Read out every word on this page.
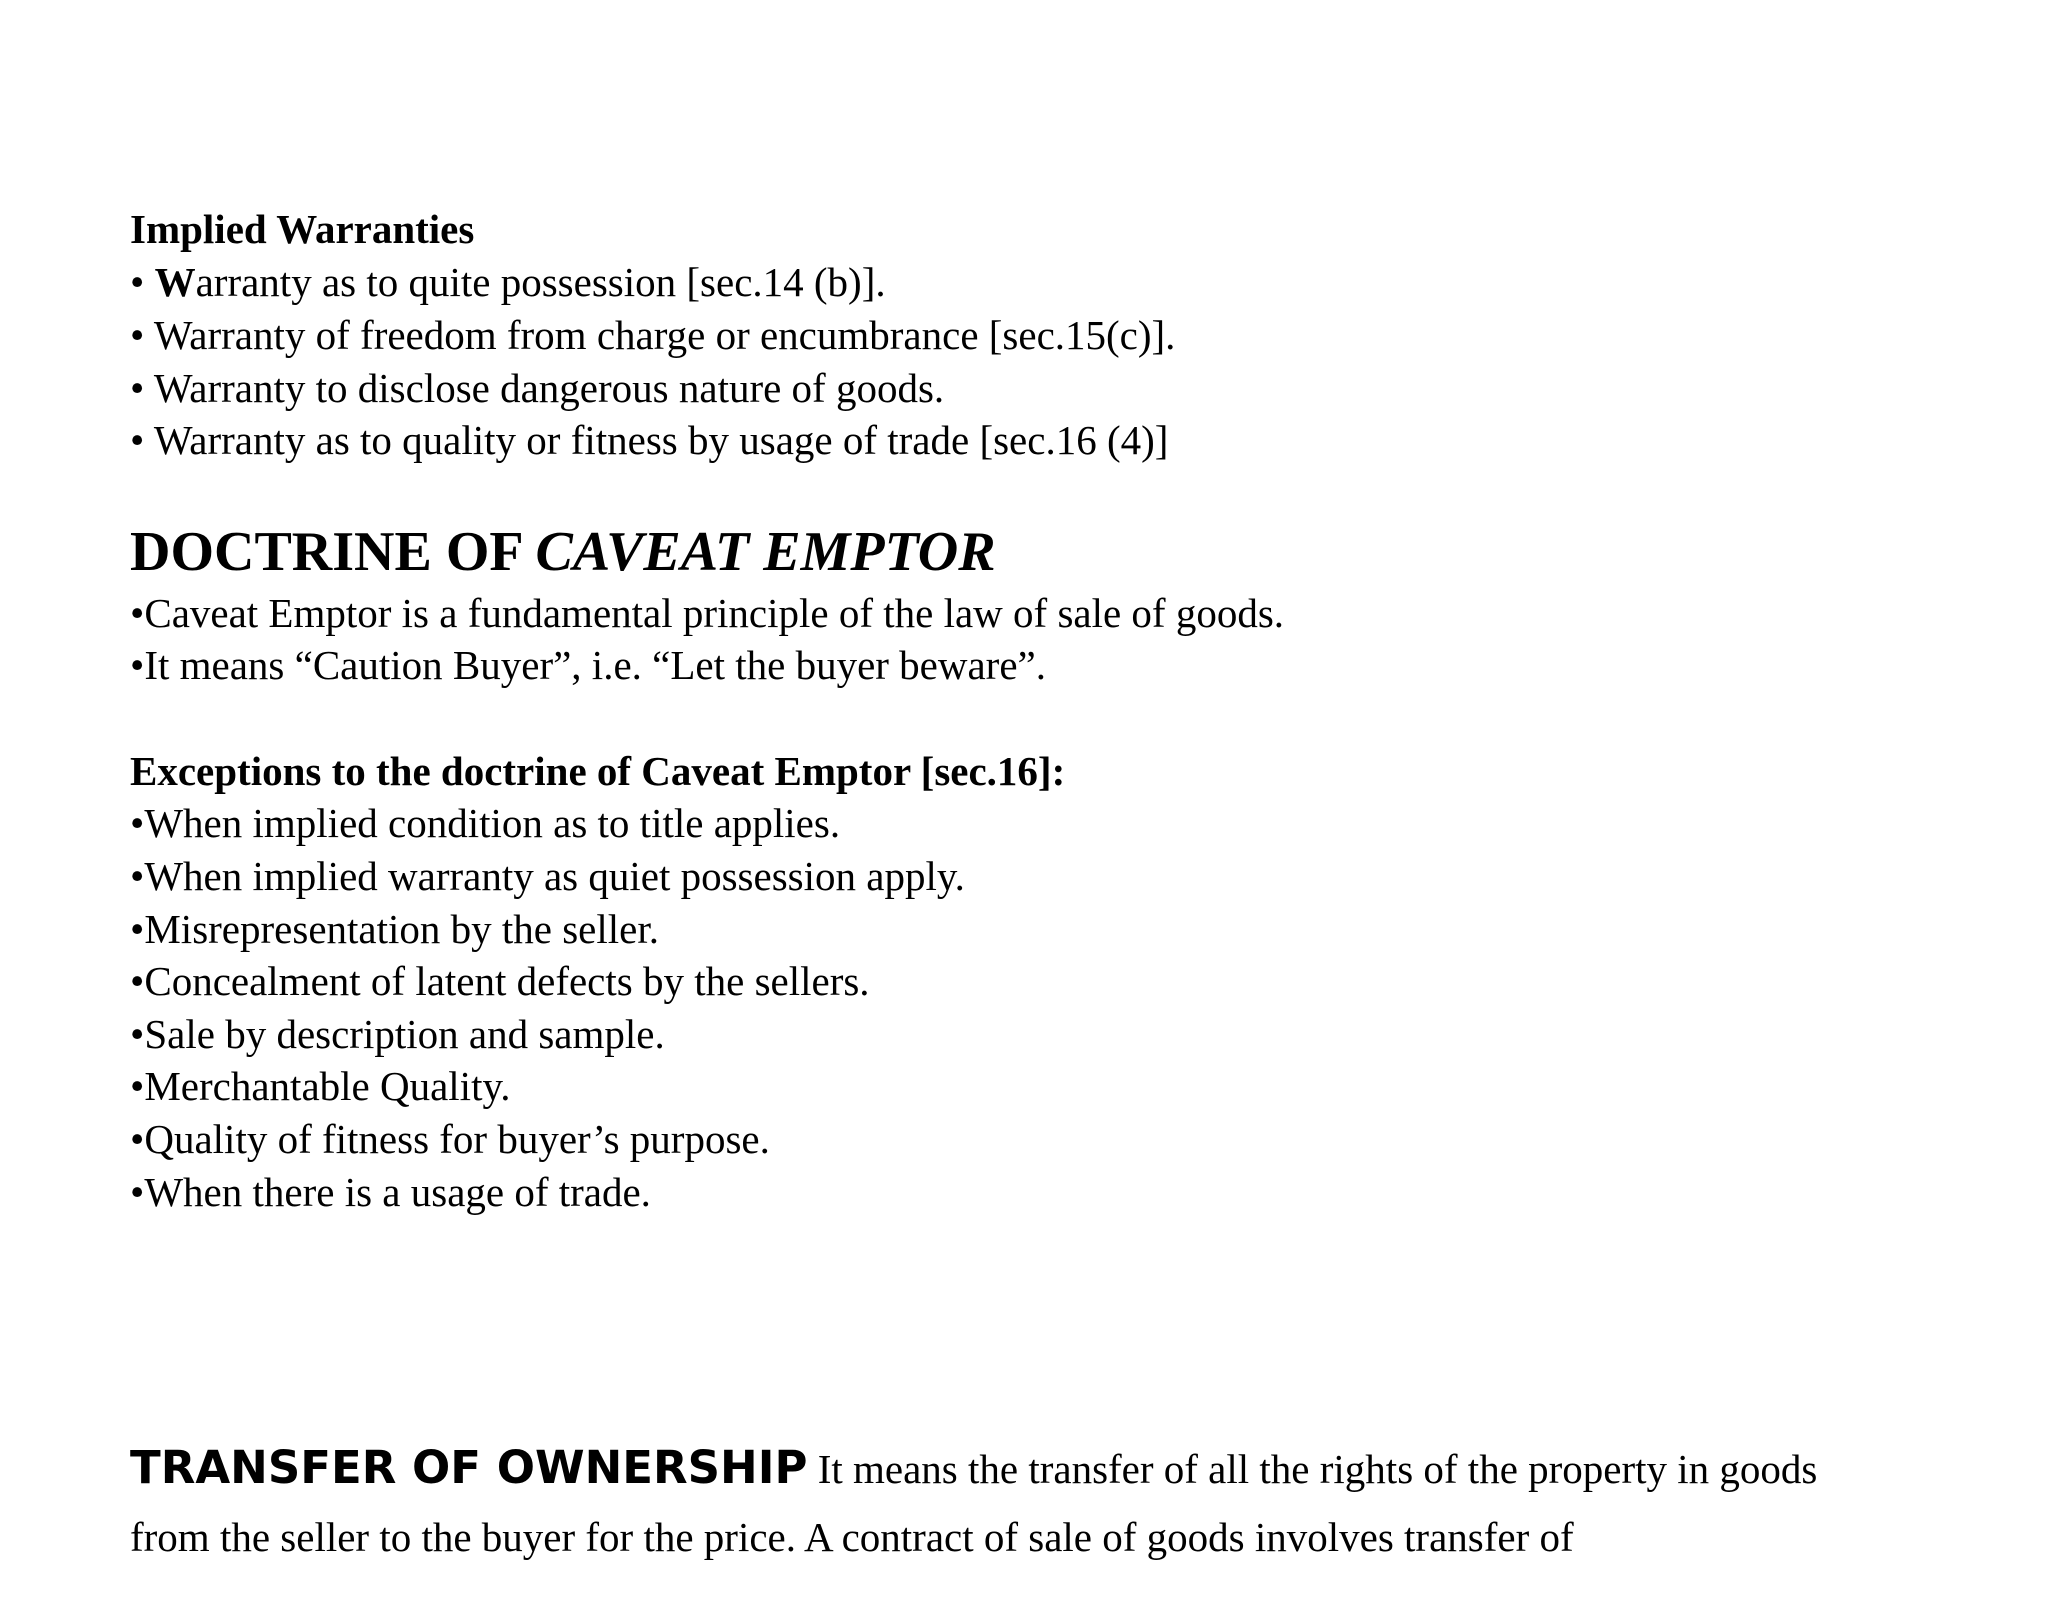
Implied Warranties
• Warranty as to quite possession [sec.14 (b)].
• Warranty of freedom from charge or encumbrance [sec.15(c)].
• Warranty to disclose dangerous nature of goods.
• Warranty as to quality or fitness by usage of trade [sec.16 (4)]
DOCTRINE OF CAVEAT EMPTOR
•Caveat Emptor is a fundamental principle of the law of sale of goods.
•It means “Caution Buyer”, i.e. “Let the buyer beware”.
Exceptions to the doctrine of Caveat Emptor [sec.16]:
•When implied condition as to title applies.
•When implied warranty as quiet possession apply.
•Misrepresentation by the seller.
•Concealment of latent defects by the sellers.
•Sale by description and sample.
•Merchantable Quality.
•Quality of fitness for buyer’s purpose.
•When there is a usage of trade.
TRANSFER OF OWNERSHIP It means the transfer of all the rights of the property in goods
from the seller to the buyer for the price. A contract of sale of goods involves transfer of
